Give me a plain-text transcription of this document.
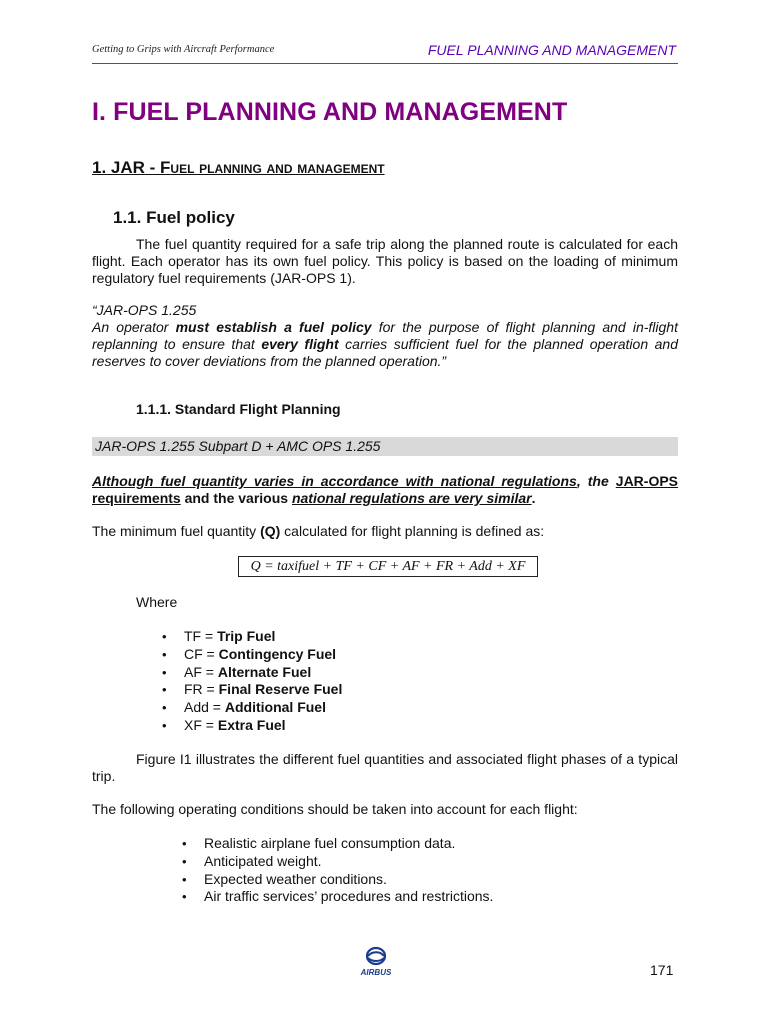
Getting to Grips with Aircraft Performance	FUEL PLANNING AND MANAGEMENT
I. FUEL PLANNING AND MANAGEMENT
1. JAR - Fuel planning and management
1.1. Fuel policy
The fuel quantity required for a safe trip along the planned route is calculated for each flight. Each operator has its own fuel policy. This policy is based on the loading of minimum regulatory fuel requirements (JAR-OPS 1).
“JAR-OPS 1.255
An operator must establish a fuel policy for the purpose of flight planning and in-flight replanning to ensure that every flight carries sufficient fuel for the planned operation and reserves to cover deviations from the planned operation.”
1.1.1. Standard Flight Planning
JAR-OPS 1.255 Subpart D + AMC OPS 1.255
Although fuel quantity varies in accordance with national regulations, the JAR-OPS requirements and the various national regulations are very similar.
The minimum fuel quantity (Q) calculated for flight planning is defined as:
Q = taxifuel + TF + CF + AF + FR + Add + XF
Where
• TF = Trip Fuel
• CF = Contingency Fuel
• AF = Alternate Fuel
• FR = Final Reserve Fuel
• Add = Additional Fuel
• XF = Extra Fuel
Figure I1 illustrates the different fuel quantities and associated flight phases of a typical trip.
The following operating conditions should be taken into account for each flight:
• Realistic airplane fuel consumption data.
• Anticipated weight.
• Expected weather conditions.
• Air traffic services’ procedures and restrictions.
AIRBUS	171
